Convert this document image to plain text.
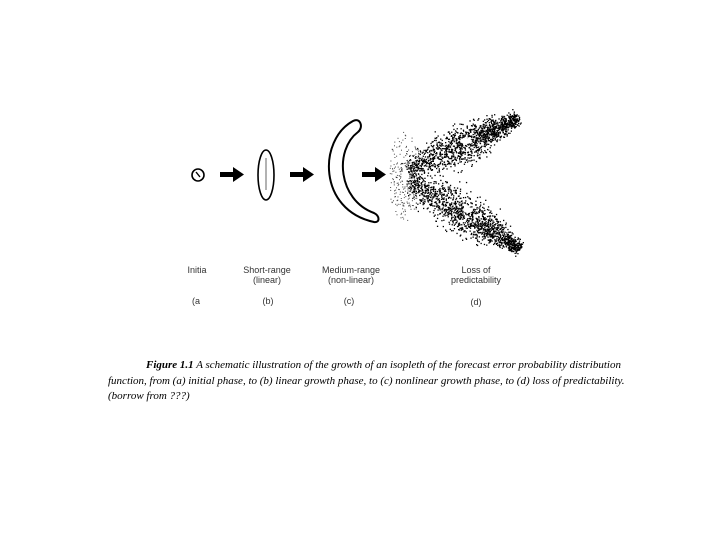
Initia
(a
Short-range
(linear)
(b)
Medium-range
(non-linear)
(c)
Loss of
predictability
(d)
Figure 1.1 A schematic illustration of the growth of an isopleth of the forecast error probability distribution function, from (a) initial phase, to (b) linear growth phase, to (c) nonlinear growth phase, to (d) loss of predictability. (borrow from ???)
